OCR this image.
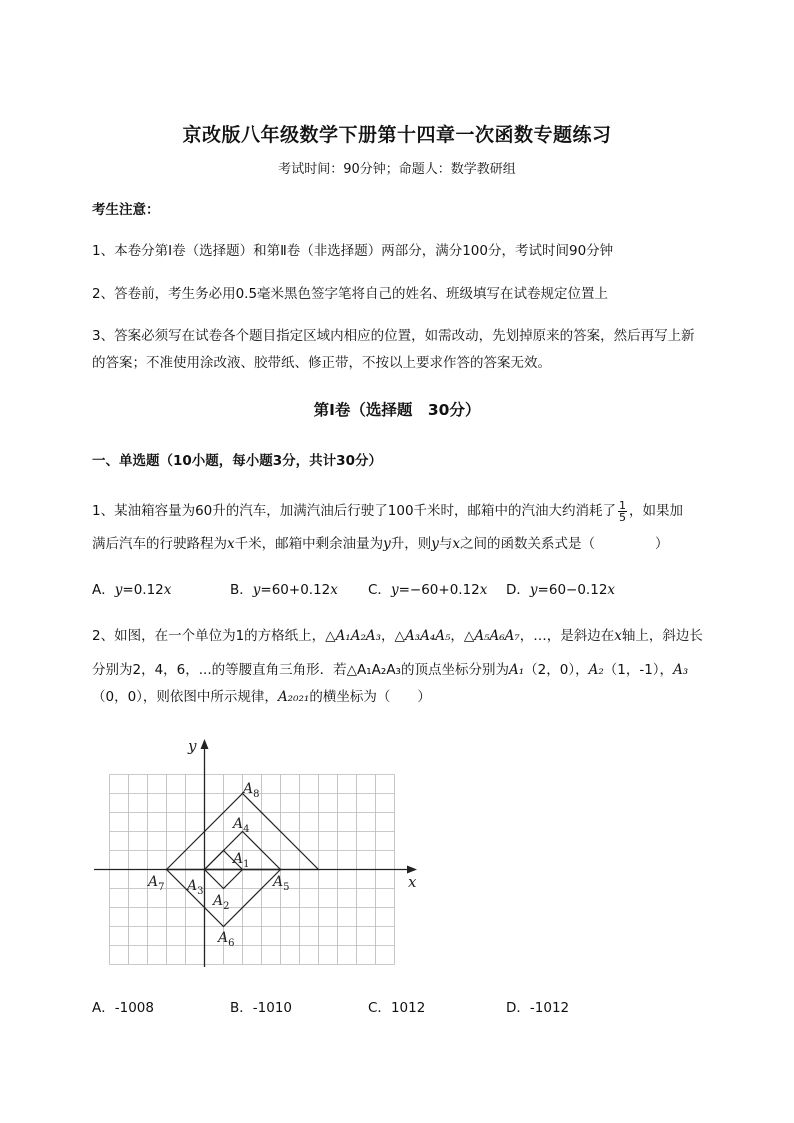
京改版八年级数学下册第十四章一次函数专题练习
考试时间：90分钟；命题人：数学教研组
考生注意：
1、本卷分第I卷（选择题）和第Ⅱ卷（非选择题）两部分，满分100分，考试时间90分钟
2、答卷前，考生务必用0.5毫米黑色签字笔将自己的姓名、班级填写在试卷规定位置上
3、答案必须写在试卷各个题目指定区域内相应的位置，如需改动，先划掉原来的答案，然后再写上新
的答案；不准使用涂改液、胶带纸、修正带，不按以上要求作答的答案无效。
第I卷（选择题　30分）
一、单选题（10小题，每小题3分，共计30分）
1、某油箱容量为60升的汽车，加满汽油后行驶了100千米时，邮箱中的汽油大约消耗了 $\frac{1}{5}$ ，如果加
满后汽车的行驶路程为x千米，邮箱中剩余油量为y升，则y与x之间的函数关系式是（	）
A．y=0.12x	B．y=60+0.12x C．y=−60+0.12x D．y=60−0.12x
2、如图，在一个单位为1的方格纸上，△A₁A₂A₃，△A₃A₄A₅，△A₅A₆A₇，…，是斜边在x轴上，斜边长
分别为2，4，6，...的等腰直角三角形．若△A₁A₂A₃的顶点坐标分别为A₁（2，0），A₂（1，-1），A₃
（0，0），则依图中所示规律，A₂₀₂₁的横坐标为（　　）
x
y
$A_8$
$A_4$
$A_1$
$A_7$ $A_3$
$A_5$
$A_2$
$A_6$
A．-1008	B．-1010	C．1012	D．-1012
